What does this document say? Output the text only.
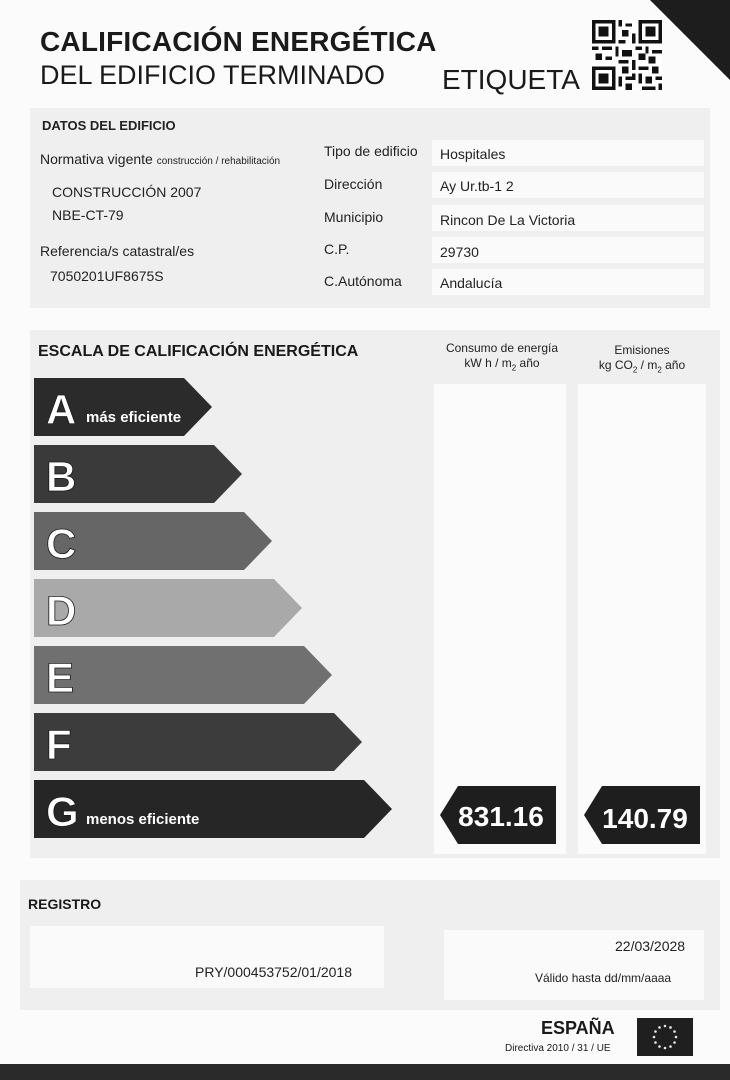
CALIFICACIÓN ENERGÉTICA
DEL EDIFICIO TERMINADO ETIQUETA
DATOS DEL EDIFICIO
Normativa vigente construcción / rehabilitación
CONSTRUCCIÓN 2007
NBE-CT-79
Referencia/s catastral/es
7050201UF8675S
Tipo de edificio Hospitales
Dirección	Ay Ur.tb-1 2
Municipio	Rincon De La Victoria
C.P.	29730
C.Autónoma	Andalucía
ESCALA DE CALIFICACIÓN ENERGÉTICA	Consumo de energía
kW h / $m_2$ año
Emisiones
kg $CO_2 / m_2$ año
A más eficiente
B
C
D
E
F
G menos eficiente	831.16	140.79
REGISTRO
PRY/000453752/01/2018
22/03/2028
Válido hasta dd/mm/aaaa
ESPAÑA
Directiva 2010 / 31 / UE
